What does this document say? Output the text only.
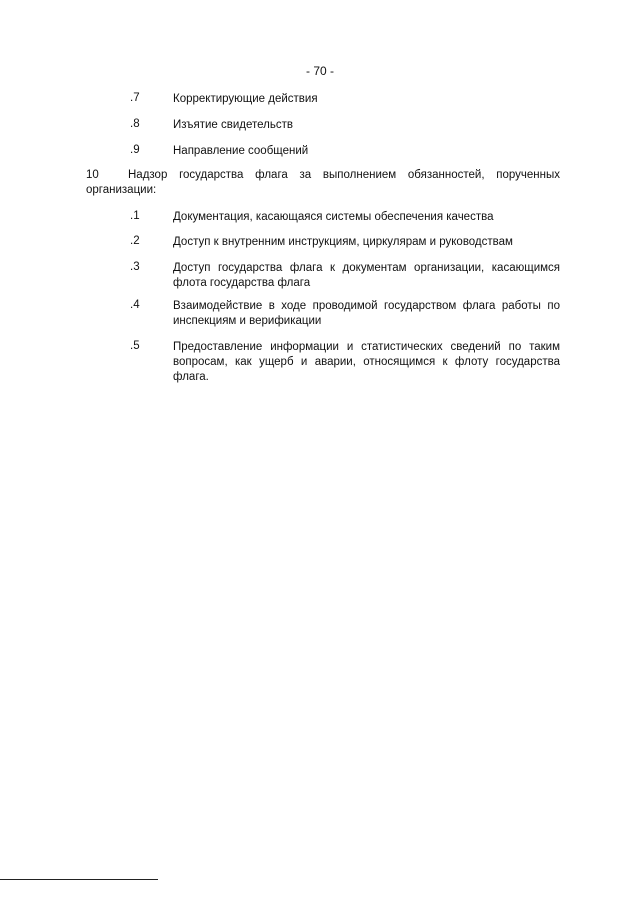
- 70 -
.7	Корректирующие действия
.8	Изъятие свидетельств
.9	Направление сообщений
10	Надзор государства флага за выполнением обязанностей, порученных организации:
.1	Документация, касающаяся системы обеспечения качества
.2	Доступ к внутренним инструкциям, циркулярам и руководствам
.3	Доступ государства флага к документам организации, касающимся флота государства флага
.4	Взаимодействие в ходе проводимой государством флага работы по инспекциям и верификации
.5	Предоставление информации и статистических сведений по таким вопросам, как ущерб и аварии, относящимся к флоту государства флага.
